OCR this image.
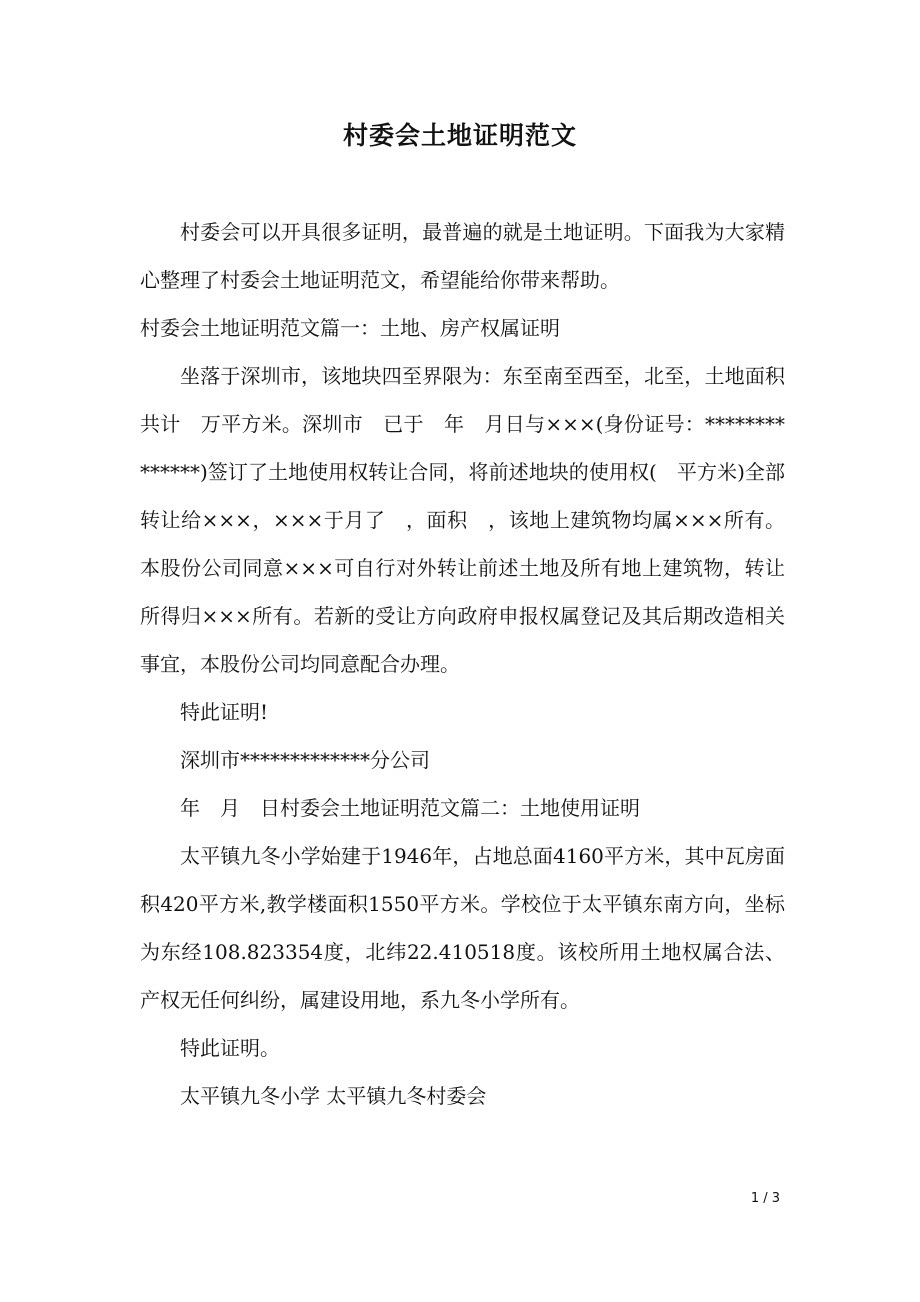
村委会土地证明范文

村委会可以开具很多证明，最普遍的就是土地证明。下面我为大家精心整理了村委会土地证明范文，希望能给你带来帮助。

村委会土地证明范文篇一：土地、房产权属证明

坐落于深圳市，该地块四至界限为：东至南至西至，北至，土地面积共计　万平方米。深圳市　已于　年　月日与×××(身份证号：**************)签订了土地使用权转让合同，将前述地块的使用权(　平方米)全部转让给×××，×××于月了　，面积　，该地上建筑物均属×××所有。本股份公司同意×××可自行对外转让前述土地及所有地上建筑物，转让所得归×××所有。若新的受让方向政府申报权属登记及其后期改造相关事宜，本股份公司均同意配合办理。

特此证明!

深圳市*************分公司

年　月　日村委会土地证明范文篇二：土地使用证明

太平镇九冬小学始建于1946年，占地总面4160平方米，其中瓦房面积420平方米,教学楼面积1550平方米。学校位于太平镇东南方向，坐标为东经108.823354度，北纬22.410518度。该校所用土地权属合法、产权无任何纠纷，属建设用地，系九冬小学所有。

特此证明。

太平镇九冬小学 太平镇九冬村委会

1 / 3
